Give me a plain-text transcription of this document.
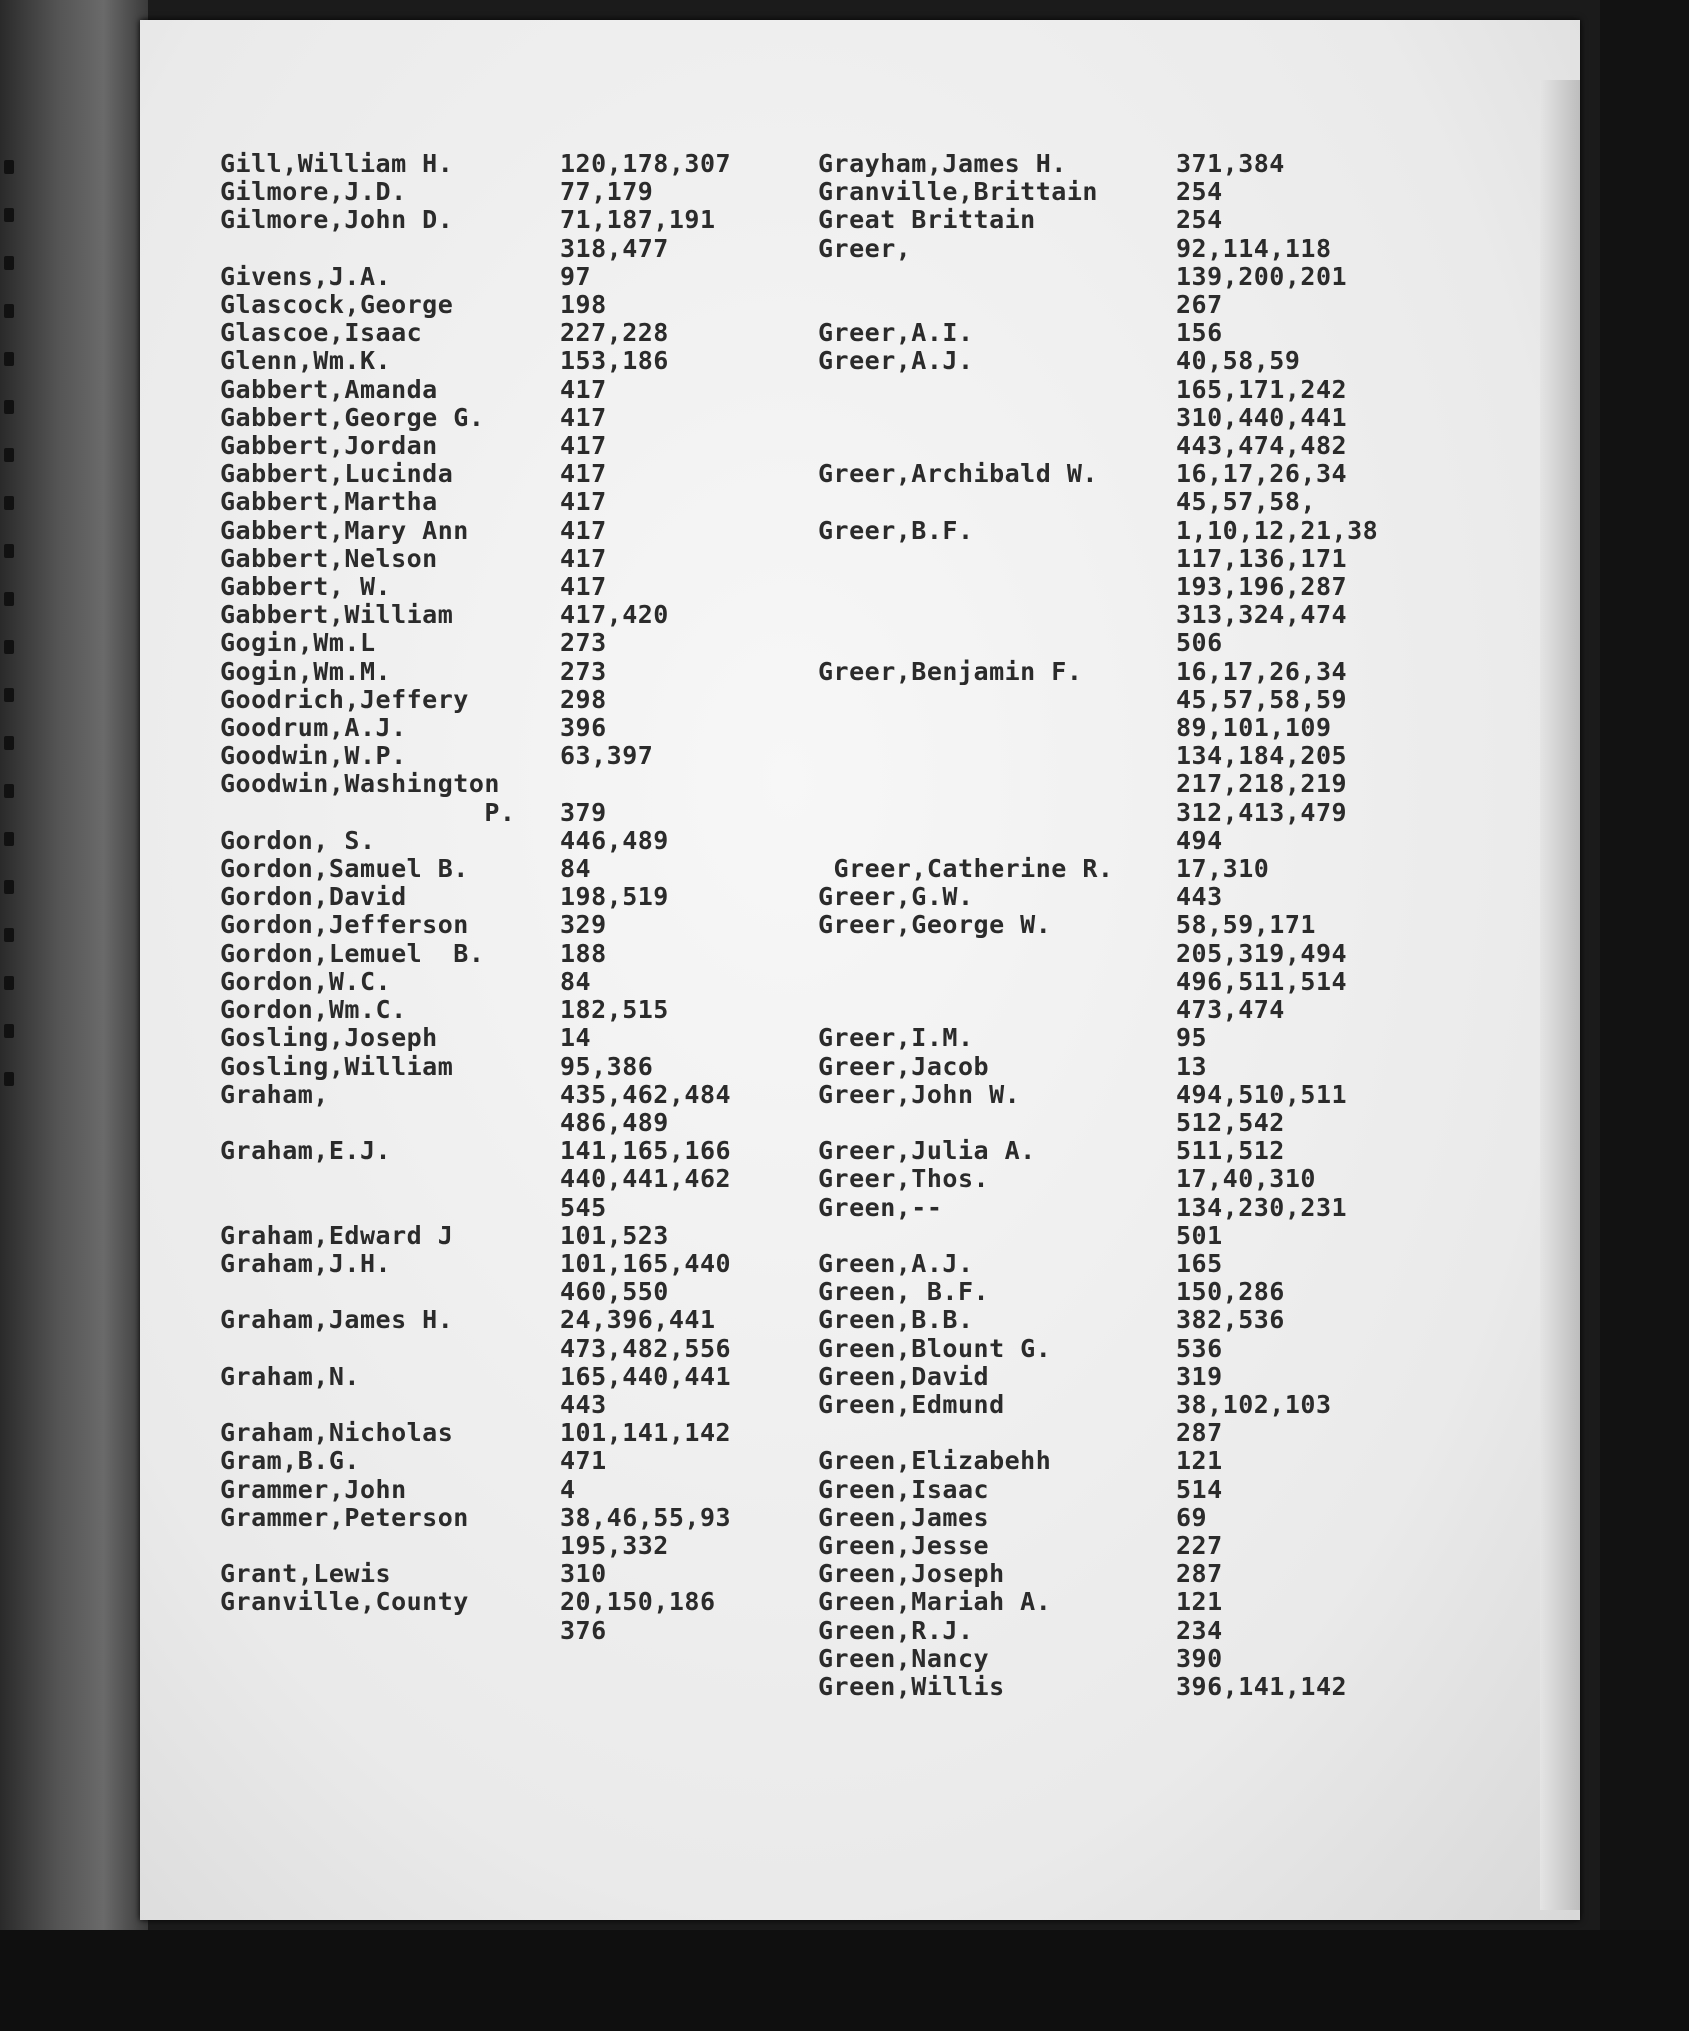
Gill,William H.	120,178,307
Gilmore,J.D.	77,179
Gilmore,John D.	71,187,191
318,477
Givens,J.A.	97
Glascock,George	198
Glascoe,Isaac	227,228
Glenn,Wm.K.	153,186
Gabbert,Amanda	417
Gabbert,George G.	417
Gabbert,Jordan	417
Gabbert,Lucinda	417
Gabbert,Martha	417
Gabbert,Mary Ann	417
Gabbert,Nelson	417
Gabbert, W.	417
Gabbert,William	417,420
Gogin,Wm.L	273
Gogin,Wm.M.	273
Goodrich,Jeffery	298
Goodrum,A.J.	396
Goodwin,W.P.	63,397
Goodwin,Washington
P.	379
Gordon, S.	446,489
Gordon,Samuel B.	84
Gordon,David	198,519
Gordon,Jefferson	329
Gordon,Lemuel  B.	188
Gordon,W.C.	84
Gordon,Wm.C.	182,515
Gosling,Joseph	14
Gosling,William	95,386
Graham,	435,462,484
486,489
Graham,E.J.	141,165,166
440,441,462
545
Graham,Edward J	101,523
Graham,J.H.	101,165,440
460,550
Graham,James H.	24,396,441
473,482,556
Graham,N.	165,440,441
443
Graham,Nicholas	101,141,142
Gram,B.G.	471
Grammer,John	4
Grammer,Peterson	38,46,55,93
195,332
Grant,Lewis	310
Granville,County	20,150,186
376
Grayham,James H.	371,384
Granville,Brittain	254
Great Brittain	254
Greer,	92,114,118
139,200,201
267
Greer,A.I.	156
Greer,A.J.	40,58,59
165,171,242
310,440,441
443,474,482
Greer,Archibald W.	16,17,26,34
45,57,58,
Greer,B.F.	1,10,12,21,38
117,136,171
193,196,287
313,324,474
506
Greer,Benjamin F.	16,17,26,34
45,57,58,59
89,101,109
134,184,205
217,218,219
312,413,479
494
Greer,Catherine R.	17,310
Greer,G.W.	443
Greer,George W.	58,59,171
205,319,494
496,511,514
473,474
Greer,I.M.	95
Greer,Jacob	13
Greer,John W.	494,510,511
512,542
Greer,Julia A.	511,512
Greer,Thos.	17,40,310
Green,--	134,230,231
501
Green,A.J.	165
Green, B.F.	150,286
Green,B.B.	382,536
Green,Blount G.	536
Green,David	319
Green,Edmund	38,102,103
287
Green,Elizabehh	121
Green,Isaac	514
Green,James	69
Green,Jesse	227
Green,Joseph	287
Green,Mariah A.	121
Green,R.J.	234
Green,Nancy	390
Green,Willis	396,141,142
